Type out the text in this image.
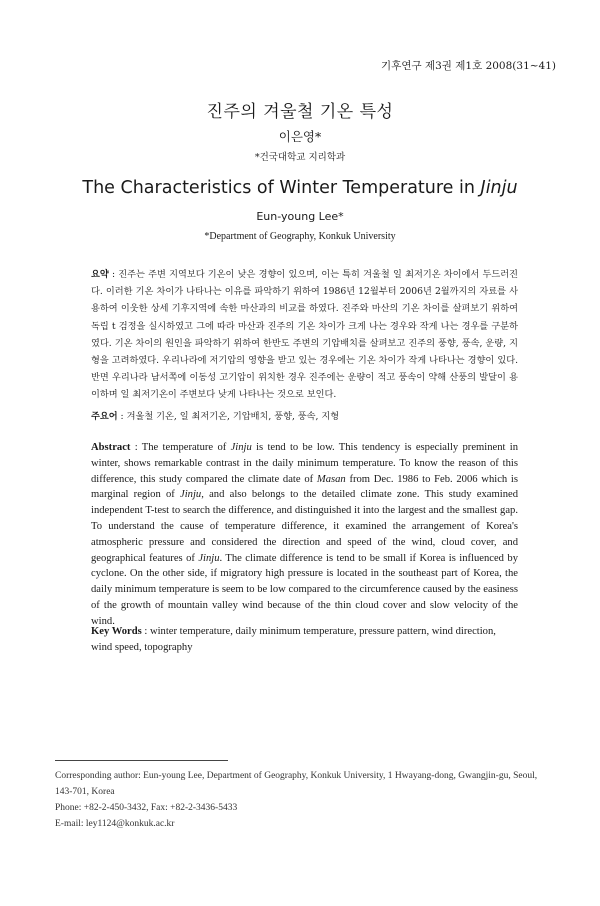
기후연구 제3권 제1호 2008(31∼41)
진주의 겨울철 기온 특성
이은영*
*건국대학교 지리학과
The Characteristics of Winter Temperature in Jinju
Eun-young Lee*
*Department of Geography, Konkuk University
요약 : 진주는 주변 지역보다 기온이 낮은 경향이 있으며, 이는 특히 겨울철 일 최저기온 차이에서 두드러진다. 이러한 기온 차이가 나타나는 이유를 파악하기 위하여 1986년 12월부터 2006년 2월까지의 자료를 사용하여 이웃한 상세 기후지역에 속한 마산과의 비교를 하였다. 진주와 마산의 기온 차이를 살펴보기 위하여 독립 t 검정을 실시하였고 그에 따라 마산과 진주의 기온 차이가 크게 나는 경우와 작게 나는 경우를 구분하였다. 기온 차이의 원인을 파악하기 위하여 한반도 주변의 기압배치를 살펴보고 진주의 풍향, 풍속, 운량, 지형을 고려하였다. 우리나라에 저기압의 영향을 받고 있는 경우에는 기온 차이가 작게 나타나는 경향이 있다. 반면 우리나라 남서쪽에 이동성 고기압이 위치한 경우 진주에는 운량이 적고 풍속이 약해 산풍의 발달이 용이하며 일 최저기온이 주변보다 낮게 나타나는 것으로 보인다.
주요어 : 겨울철 기온, 일 최저기온, 기압배치, 풍향, 풍속, 지형
Abstract : The temperature of Jinju is tend to be low. This tendency is especially preminent in winter, shows remarkable contrast in the daily minimum temperature. To know the reason of this difference, this study compared the climate date of Masan from Dec. 1986 to Feb. 2006 which is marginal region of Jinju, and also belongs to the detailed climate zone. This study examined independent T-test to search the difference, and distinguished it into the largest and the smallest gap. To understand the cause of temperature difference, it examined the arrangement of Korea's atmospheric pressure and considered the direction and speed of the wind, cloud cover, and geographical features of Jinju. The climate difference is tend to be small if Korea is influenced by cyclone. On the other side, if migratory high pressure is located in the southeast part of Korea, the daily minimum temperature is seem to be low compared to the circumference caused by the easiness of the growth of mountain valley wind because of the thin cloud cover and slow velocity of the wind.
Key Words : winter temperature, daily minimum temperature, pressure pattern, wind direction, wind speed, topography
Corresponding author: Eun-young Lee, Department of Geography, Konkuk University, 1 Hwayang-dong, Gwangjin-gu, Seoul, 143-701, Korea
Phone: +82-2-450-3432, Fax: +82-2-3436-5433
E-mail: ley1124@konkuk.ac.kr
